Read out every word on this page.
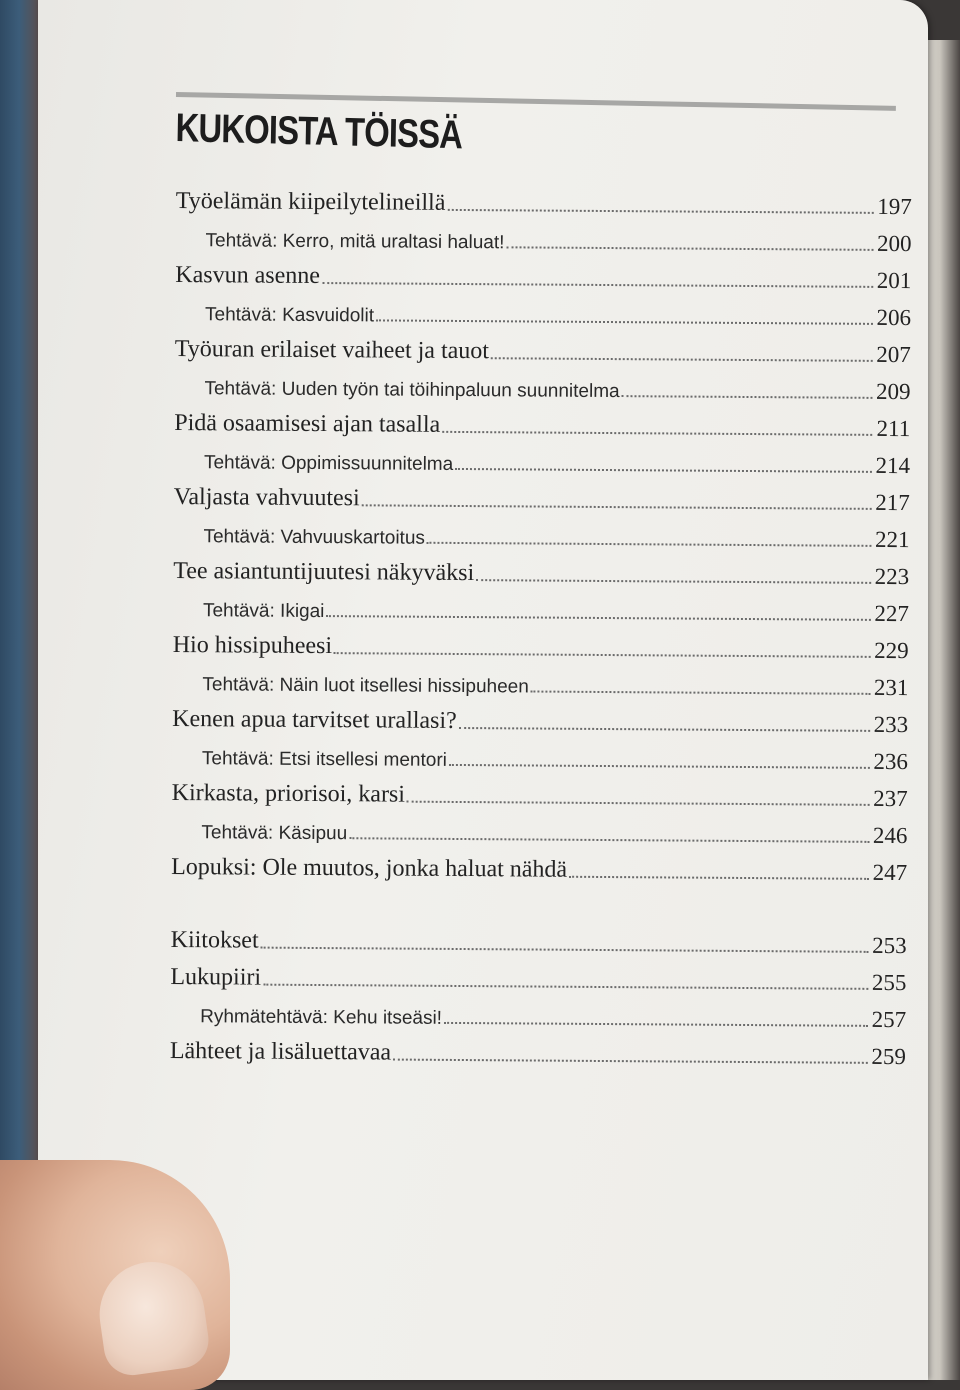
KUKOISTA TÖISSÄ
Työelämän kiipeilytelineillä	197
Tehtävä: Kerro, mitä uraltasi haluat!	200
Kasvun asenne	201
Tehtävä: Kasvuidolit	206
Työuran erilaiset vaiheet ja tauot	207
Tehtävä: Uuden työn tai töihinpaluun suunnitelma	209
Pidä osaamisesi ajan tasalla	211
Tehtävä: Oppimissuunnitelma	214
Valjasta vahvuutesi	217
Tehtävä: Vahvuuskartoitus	221
Tee asiantuntijuutesi näkyväksi	223
Tehtävä: Ikigai	227
Hio hissipuheesi	229
Tehtävä: Näin luot itsellesi hissipuheen	231
Kenen apua tarvitset urallasi?	233
Tehtävä: Etsi itsellesi mentori	236
Kirkasta, priorisoi, karsi	237
Tehtävä: Käsipuu	246
Lopuksi: Ole muutos, jonka haluat nähdä	247
Kiitokset	253
Lukupiiri	255
Ryhmätehtävä: Kehu itseäsi!	257
Lähteet ja lisäluettavaa	259
